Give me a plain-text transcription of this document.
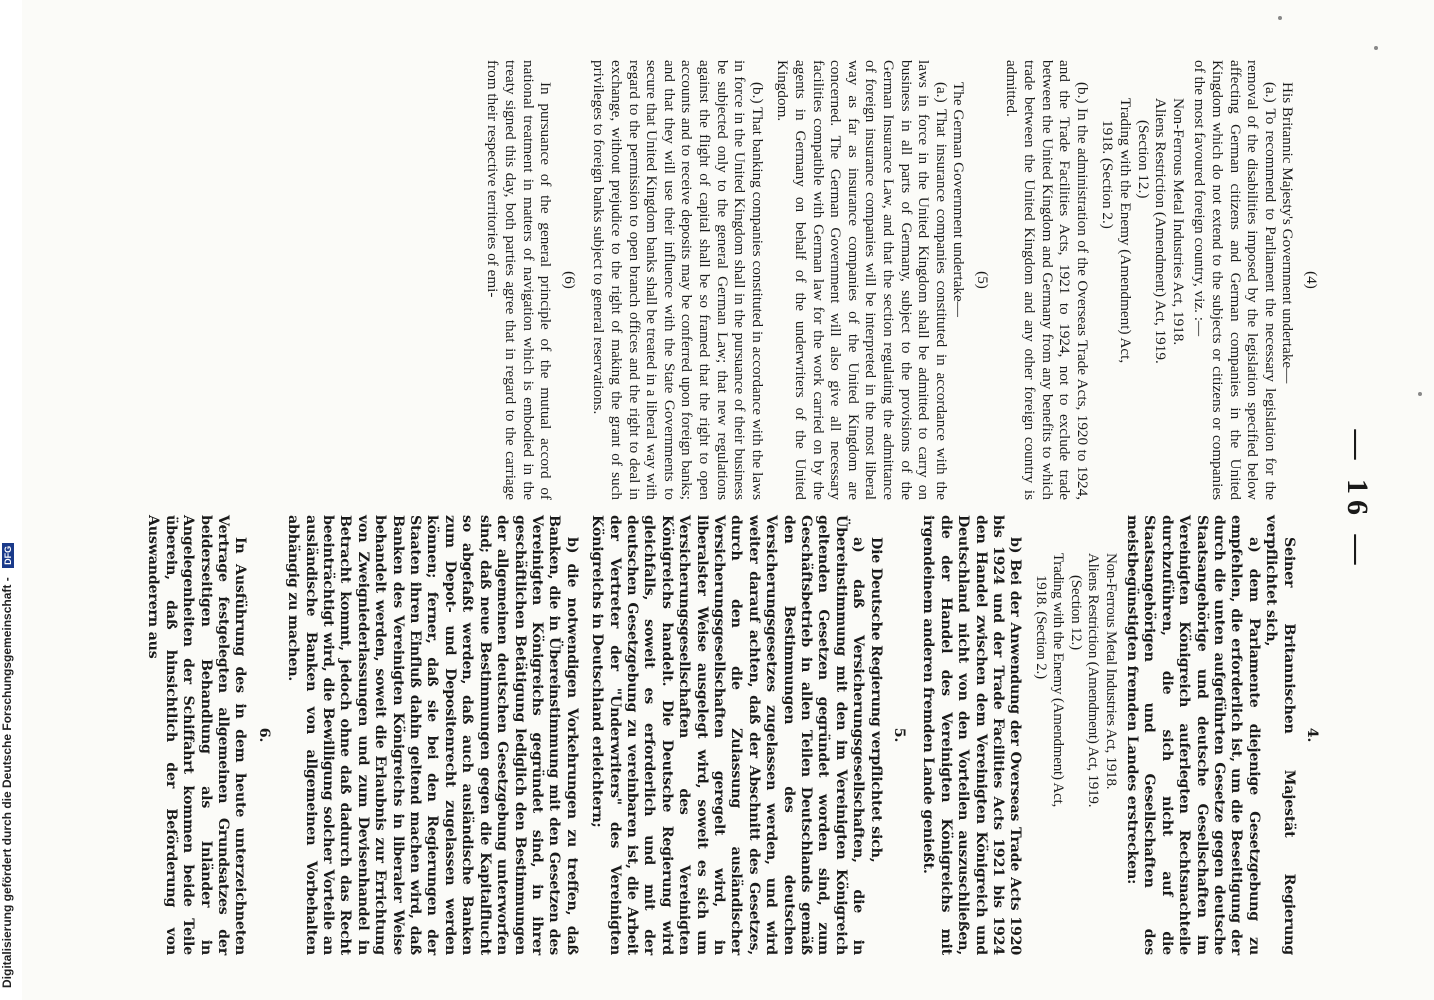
— 16 —
(4)

His Britannic Majesty's Government undertake—

(a.) To recommend to Parliament the necessary legislation for the removal of the disabilities imposed by the legislation specified below affecting German citizens and German companies in the United Kingdom which do not extend to the subjects or citizens or companies of the most favoured foreign country, viz. :—

Non-Ferrous Metal Industries Act, 1918.
Aliens Restriction (Amendment) Act, 1919.
(Section 12.)
Trading with the Enemy (Amendment) Act,
1918. (Section 2.)

(b.) In the administration of the Overseas Trade Acts, 1920 to 1924, and the Trade Facilities Acts, 1921 to 1924, not to exclude trade between the United Kingdom and Germany from any benefits to which trade between the United Kingdom and any other foreign country is admitted.

(5)

The German Government undertake—

(a.) That insurance companies constituted in accordance with the laws in force in the United Kingdom shall be admitted to carry on business in all parts of Germany, subject to the provisions of the German Insurance Law, and that the section regulating the admittance of foreign insurance companies will be interpreted in the most liberal way as far as insurance companies of the United Kingdom are concerned. The German Government will also give all necessary facilities compatible with German law for the work carried on by the agents in Germany on behalf of the underwriters of the United Kingdom.

(b.) That banking companies constituted in accordance with the laws in force in the United Kingdom shall in the pursuance of their business be subjected only to the general German Law; that new regulations against the flight of capital shall be so framed that the right to open accounts and to receive deposits may be conferred upon foreign banks; and that they will use their influence with the State Governments to secure that United Kingdom banks shall be treated in a liberal way with regard to the permission to open branch offices and the right to deal in exchange, without prejudice to the right of making the grant of such privileges to foreign banks subject to general reservations.

(6)

In pursuance of the general principle of the mutual accord of national treatment in matters of navigation which is embodied in the treaty signed this day, both parties agree that in regard to the carriage from their respective territories of emi-

4.

Seiner Britannischen Majestät Regierung verpflichtet sich,

a) dem Parlamente diejenige Gesetzgebung zu empfehlen, die erforderlich ist, um die Beseitigung der durch die unten aufgeführten Gesetze gegen deutsche Staatsangehörige und deutsche Gesellschaften im Vereinigten Königreich auferlegten Rechtsnachteile durchzuführen, die sich nicht auf die Staatsangehörigen und Gesellschaften des meistbegünstigten fremden Landes erstrecken:

Non-Ferrous Metal Industries Act, 1918.
Aliens Restriction (Amendment) Act, 1919.
(Section 12.)
Trading with the Enemy (Amendment) Act,
1918. (Section 2.)

b) Bei der Anwendung der Overseas Trade Acts 1920 bis 1924 und der Trade Facilities Acts 1921 bis 1924 den Handel zwischen dem Vereinigten Königreich und Deutschland nicht von den Vorteilen auszuschließen, die der Handel des Vereinigten Königreichs mit irgendeinem anderen fremden Lande genießt.

5.

Die Deutsche Regierung verpflichtet sich,

a) daß Versicherungsgesellschaften, die in Übereinstimmung mit den im Vereinigten Königreich geltenden Gesetzen gegründet worden sind, zum Geschäftsbetrieb in allen Teilen Deutschlands gemäß den Bestimmungen des deutschen Versicherungsgesetzes zugelassen werden, und wird weiter darauf achten, daß der Abschnitt des Gesetzes, durch den die Zulassung ausländischer Versicherungsgesellschaften geregelt wird, in liberalster Weise ausgelegt wird, soweit es sich um Versicherungsgesellschaften des Vereinigten Königreichs handelt. Die Deutsche Regierung wird gleichfalls, soweit es erforderlich und mit der deutschen Gesetzgebung zu vereinbaren ist, die Arbeit der Vertreter der "Underwriters" des Vereinigten Königreichs in Deutschland erleichtern;

b) die notwendigen Vorkehrungen zu treffen, daß Banken, die in Übereinstimmung mit den Gesetzen des Vereinigten Königreichs gegründet sind, in ihrer geschäftlichen Betätigung lediglich den Bestimmungen der allgemeinen deutschen Gesetzgebung unterworfen sind; daß neue Bestimmungen gegen die Kapitalflucht so abgefaßt werden, daß auch ausländische Banken zum Depot- und Depositenrecht zugelassen werden können; ferner, daß sie bei den Regierungen der Staaten ihren Einfluß dahin geltend machen wird, daß Banken des Vereinigten Königreichs in liberaler Weise behandelt werden, soweit die Erlaubnis zur Errichtung von Zweigniederlassungen und zum Devisenhandel in Betracht kommt, jedoch ohne daß dadurch das Recht beeinträchtigt wird, die Bewilligung solcher Vorteile an ausländische Banken von allgemeinen Vorbehalten abhängig zu machen.

6.

In Ausführung des in dem heute unterzeichneten Vertrage festgelegten allgemeinen Grundsatzes der beiderseitigen Behandlung als Inländer in Angelegenheiten der Schiffahrt kommen beide Teile überein, daß hinsichtlich der Beförderung von Auswanderern aus

Digitalisierung gefördert durch die Deutsche Forschungsgemeinschaft - DFG
